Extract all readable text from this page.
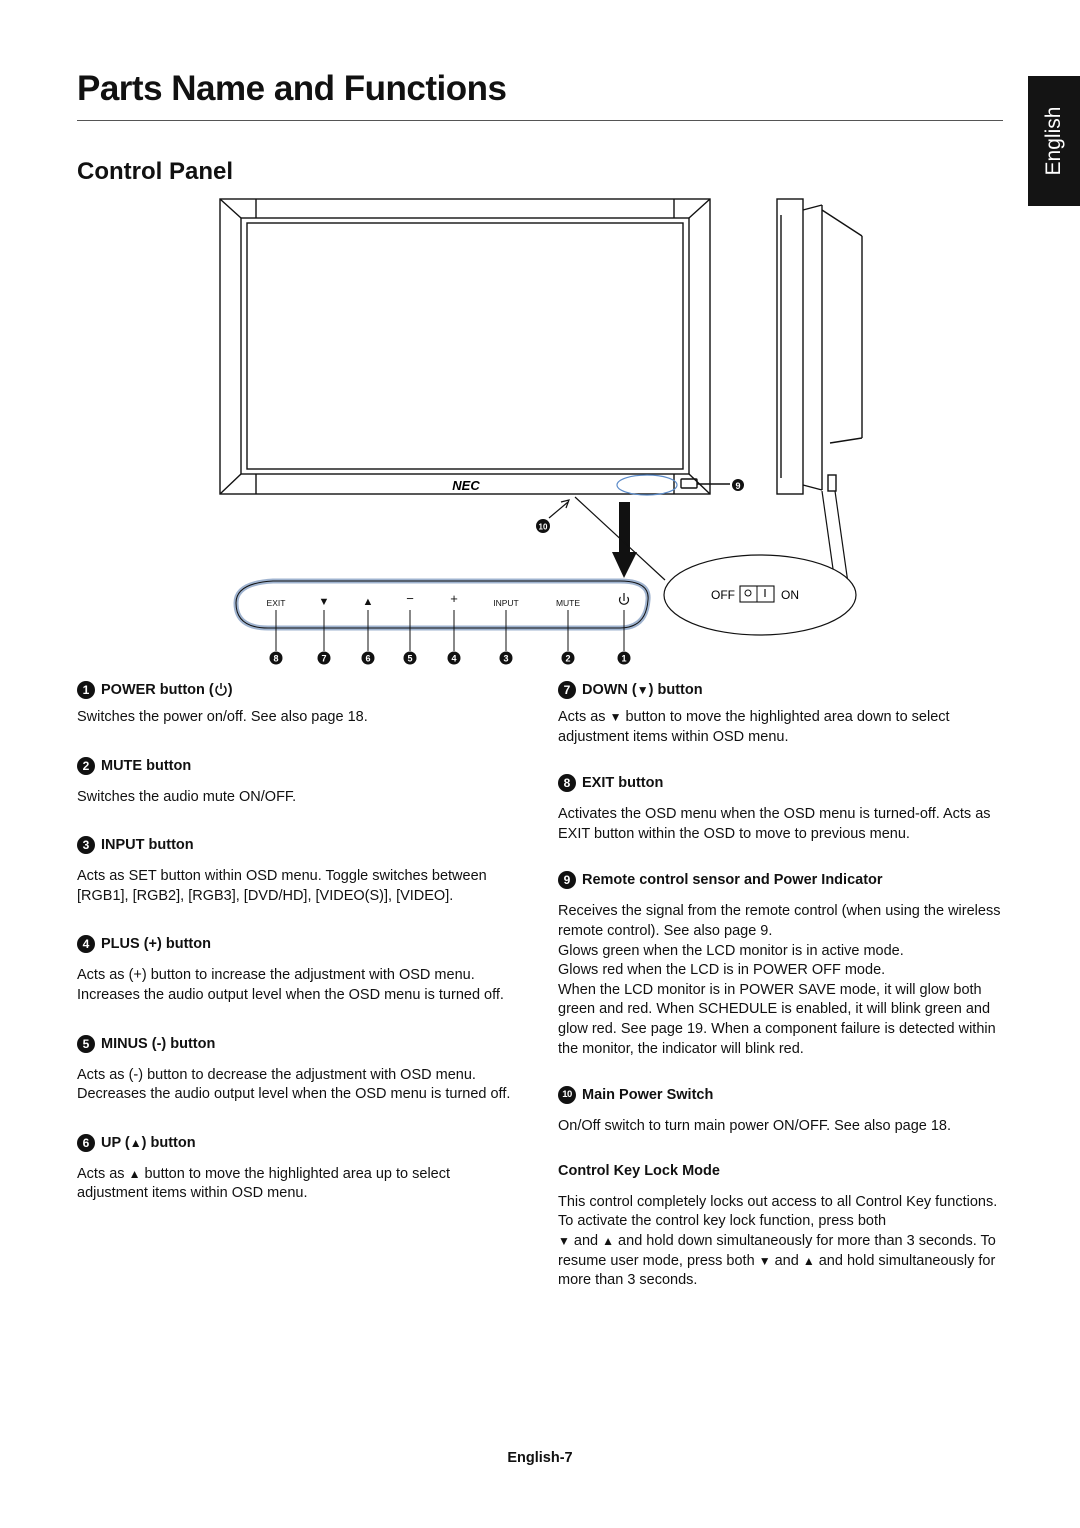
Parts Name and Functions
Control Panel	English
NEC	9
10
OFF	ON
EXIT	▼	▲	−	+	INPUT	MUTE
8	7	6	5	4	3	2	1
1 POWER button ( )

Switches the power on/off. See also page 18.

2 MUTE button

Switches the audio mute ON/OFF.

3 INPUT button

Acts as SET button within OSD menu. Toggle switches between [RGB1], [RGB2], [RGB3], [DVD/HD], [VIDEO(S)], [VIDEO].

4 PLUS (+) button

Acts as (+) button to increase the adjustment with OSD menu. Increases the audio output level when the OSD menu is turned off.

5 MINUS (-) button

Acts as (-) button to decrease the adjustment with OSD menu. Decreases the audio output level when the OSD menu is turned off.

6 UP (▲) button

Acts as ▲ button to move the highlighted area up to select adjustment items within OSD menu.

7 DOWN (▼) button

Acts as ▼ button to move the highlighted area down to select adjustment items within OSD menu.

8 EXIT button

Activates the OSD menu when the OSD menu is turned-off. Acts as EXIT button within the OSD to move to previous menu.

9 Remote control sensor and Power Indicator

Receives the signal from the remote control (when using the wireless remote control). See also page 9.
Glows green when the LCD monitor is in active mode.
Glows red when the LCD is in POWER OFF mode.
When the LCD monitor is in POWER SAVE mode, it will glow both green and red. When SCHEDULE is enabled, it will blink green and glow red. See page 19. When a component failure is detected within the monitor, the indicator will blink red.

10 Main Power Switch

On/Off switch to turn main power ON/OFF. See also page 18.

Control Key Lock Mode

This control completely locks out access to all Control Key functions. To activate the control key lock function, press both
▼ and ▲ and hold down simultaneously for more than 3 seconds. To resume user mode, press both ▼ and ▲ and hold simultaneously for more than 3 seconds.

English-7
